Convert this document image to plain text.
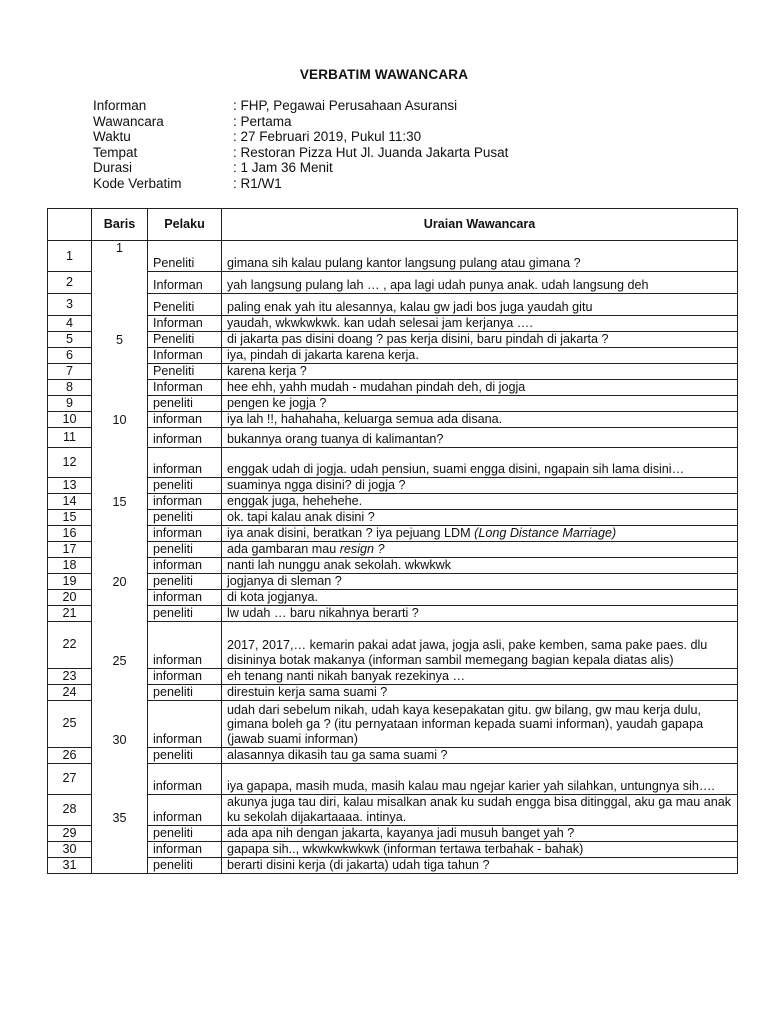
VERBATIM WAWANCARA
Informan	: FHP, Pegawai Perusahaan Asuransi
Wawancara	: Pertama
Waktu	: 27 Februari 2019, Pukul 11:30
Tempat	: Restoran Pizza Hut Jl. Juanda Jakarta Pusat
Durasi	: 1 Jam 36 Menit
Kode Verbatim	: R1/W1
	Baris	Pelaku	Uraian Wawancara
1	1	Peneliti	gimana sih kalau pulang kantor langsung pulang atau gimana ?
2		Informan	yah langsung pulang lah … , apa lagi udah punya anak. udah langsung deh
3		Peneliti	paling enak yah itu alesannya, kalau gw jadi bos juga yaudah gitu
4		Informan	yaudah, wkwkwkwk. kan udah selesai jam kerjanya ….
5	5	Peneliti	di jakarta pas disini doang ? pas kerja disini, baru pindah di jakarta ?
6		Informan	iya, pindah di jakarta karena kerja.
7		Peneliti	karena kerja ?
8		Informan	hee ehh, yahh mudah - mudahan pindah deh, di jogja
9		peneliti	pengen ke jogja ?
10	10	informan	iya lah !!, hahahaha, keluarga semua ada disana.
11		informan	bukannya orang tuanya di kalimantan?
12		informan	enggak udah di jogja. udah pensiun, suami engga disini, ngapain sih lama disini…
13		peneliti	suaminya ngga disini? di jogja ?
14	15	informan	enggak juga, hehehehe.
15		peneliti	ok. tapi kalau anak disini ?
16		informan	iya anak disini, beratkan ? iya pejuang LDM (Long Distance Marriage)
17		peneliti	ada gambaran mau resign ?
18		informan	nanti lah nunggu anak sekolah. wkwkwk
19	20	peneliti	jogjanya di sleman ?
20		informan	di kota jogjanya.
21		peneliti	lw udah … baru nikahnya berarti ?
22	25	informan	2017, 2017,… kemarin pakai adat jawa, jogja asli, pake kemben, sama pake paes. dlu disininya botak makanya (informan sambil memegang bagian kepala diatas alis)
23		informan	eh tenang nanti nikah banyak rezekinya …
24		peneliti	direstuin kerja sama suami ?
25	30	informan	udah dari sebelum nikah, udah kaya kesepakatan gitu. gw bilang, gw mau kerja dulu, gimana boleh ga ? (itu pernyataan informan kepada suami informan), yaudah gapapa (jawab suami informan)
26		peneliti	alasannya dikasih tau ga sama suami ?
27		informan	iya gapapa, masih muda, masih kalau mau ngejar karier yah silahkan, untungnya sih….
28	35	informan	akunya juga tau diri, kalau misalkan anak ku sudah engga bisa ditinggal, aku ga mau anak ku sekolah dijakartaaaa. intinya.
29		peneliti	ada apa nih dengan jakarta, kayanya jadi musuh banget yah ?
30		informan	gapapa sih.., wkwkwkwkwk (informan tertawa terbahak - bahak)
31		peneliti	berarti disini kerja (di jakarta) udah tiga tahun ?
